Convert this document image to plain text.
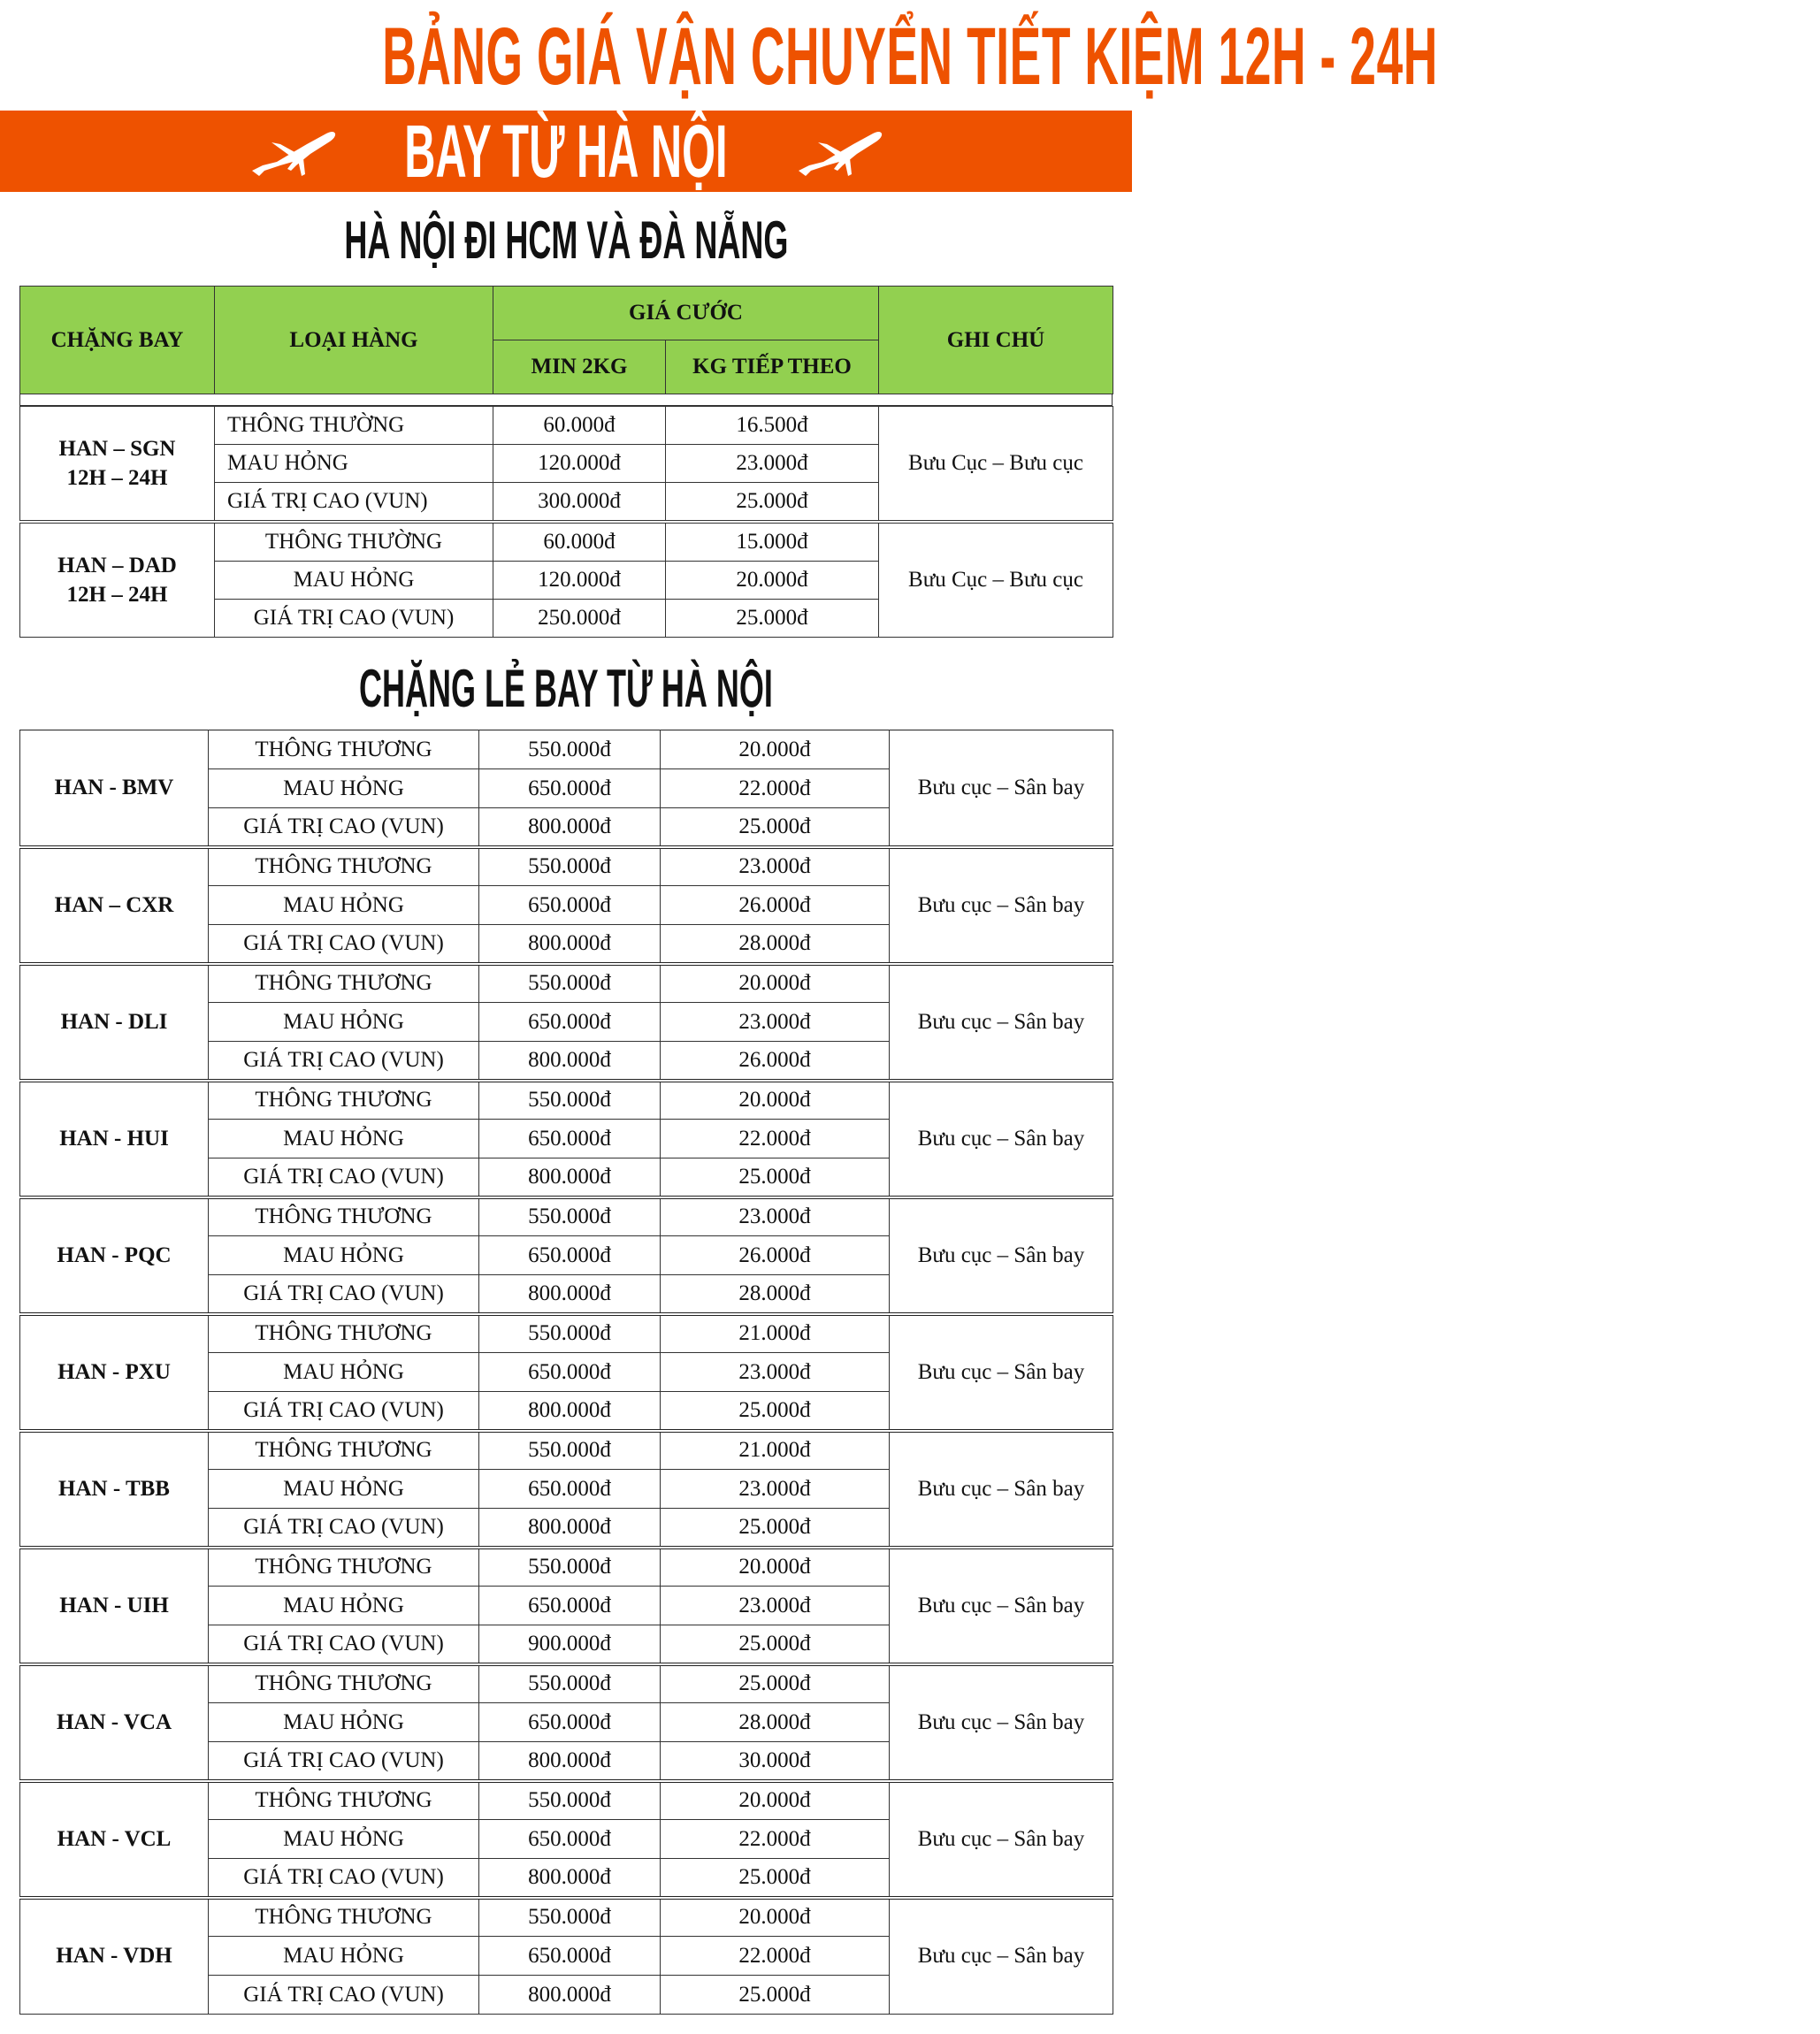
BẢNG GIÁ VẬN CHUYỂN TIẾT KIỆM 12H - 24H
BAY TỪ HÀ NỘI
HÀ NỘI ĐI HCM VÀ ĐÀ NẴNG
CHẶNG BAY	LOẠI HÀNG	GIÁ CƯỚC		GHI CHÚ
		MIN 2KG	KG TIẾP THEO	
HAN – SGN
12H – 24H	THÔNG THƯỜNG	60.000đ	16.500đ	Bưu Cục – Bưu cục
	MAU HỎNG	120.000đ	23.000đ	
	GIÁ TRỊ CAO (VUN)	300.000đ	25.000đ	
HAN – DAD
12H – 24H	THÔNG THƯỜNG	60.000đ	15.000đ	Bưu Cục – Bưu cục
	MAU HỎNG	120.000đ	20.000đ	
	GIÁ TRỊ CAO (VUN)	250.000đ	25.000đ	
CHẶNG LẺ BAY TỪ HÀ NỘI
HAN - BMV	THÔNG THƯƠNG	550.000đ	20.000đ	Bưu cục – Sân bay
	MAU HỎNG	650.000đ	22.000đ	
	GIÁ TRỊ CAO (VUN)	800.000đ	25.000đ	
HAN – CXR	THÔNG THƯƠNG	550.000đ	23.000đ	Bưu cục – Sân bay
	MAU HỎNG	650.000đ	26.000đ	
	GIÁ TRỊ CAO (VUN)	800.000đ	28.000đ	
HAN - DLI	THÔNG THƯƠNG	550.000đ	20.000đ	Bưu cục – Sân bay
	MAU HỎNG	650.000đ	23.000đ	
	GIÁ TRỊ CAO (VUN)	800.000đ	26.000đ	
HAN - HUI	THÔNG THƯƠNG	550.000đ	20.000đ	Bưu cục – Sân bay
	MAU HỎNG	650.000đ	22.000đ	
	GIÁ TRỊ CAO (VUN)	800.000đ	25.000đ	
HAN - PQC	THÔNG THƯƠNG	550.000đ	23.000đ	Bưu cục – Sân bay
	MAU HỎNG	650.000đ	26.000đ	
	GIÁ TRỊ CAO (VUN)	800.000đ	28.000đ	
HAN - PXU	THÔNG THƯƠNG	550.000đ	21.000đ	Bưu cục – Sân bay
	MAU HỎNG	650.000đ	23.000đ	
	GIÁ TRỊ CAO (VUN)	800.000đ	25.000đ	
HAN - TBB	THÔNG THƯƠNG	550.000đ	21.000đ	Bưu cục – Sân bay
	MAU HỎNG	650.000đ	23.000đ	
	GIÁ TRỊ CAO (VUN)	800.000đ	25.000đ	
HAN - UIH	THÔNG THƯƠNG	550.000đ	20.000đ	Bưu cục – Sân bay
	MAU HỎNG	650.000đ	23.000đ	
	GIÁ TRỊ CAO (VUN)	900.000đ	25.000đ	
HAN - VCA	THÔNG THƯƠNG	550.000đ	25.000đ	Bưu cục – Sân bay
	MAU HỎNG	650.000đ	28.000đ	
	GIÁ TRỊ CAO (VUN)	800.000đ	30.000đ	
HAN - VCL	THÔNG THƯƠNG	550.000đ	20.000đ	Bưu cục – Sân bay
	MAU HỎNG	650.000đ	22.000đ	
	GIÁ TRỊ CAO (VUN)	800.000đ	25.000đ	
HAN - VDH	THÔNG THƯƠNG	550.000đ	20.000đ	Bưu cục – Sân bay
	MAU HỎNG	650.000đ	22.000đ	
	GIÁ TRỊ CAO (VUN)	800.000đ	25.000đ	
